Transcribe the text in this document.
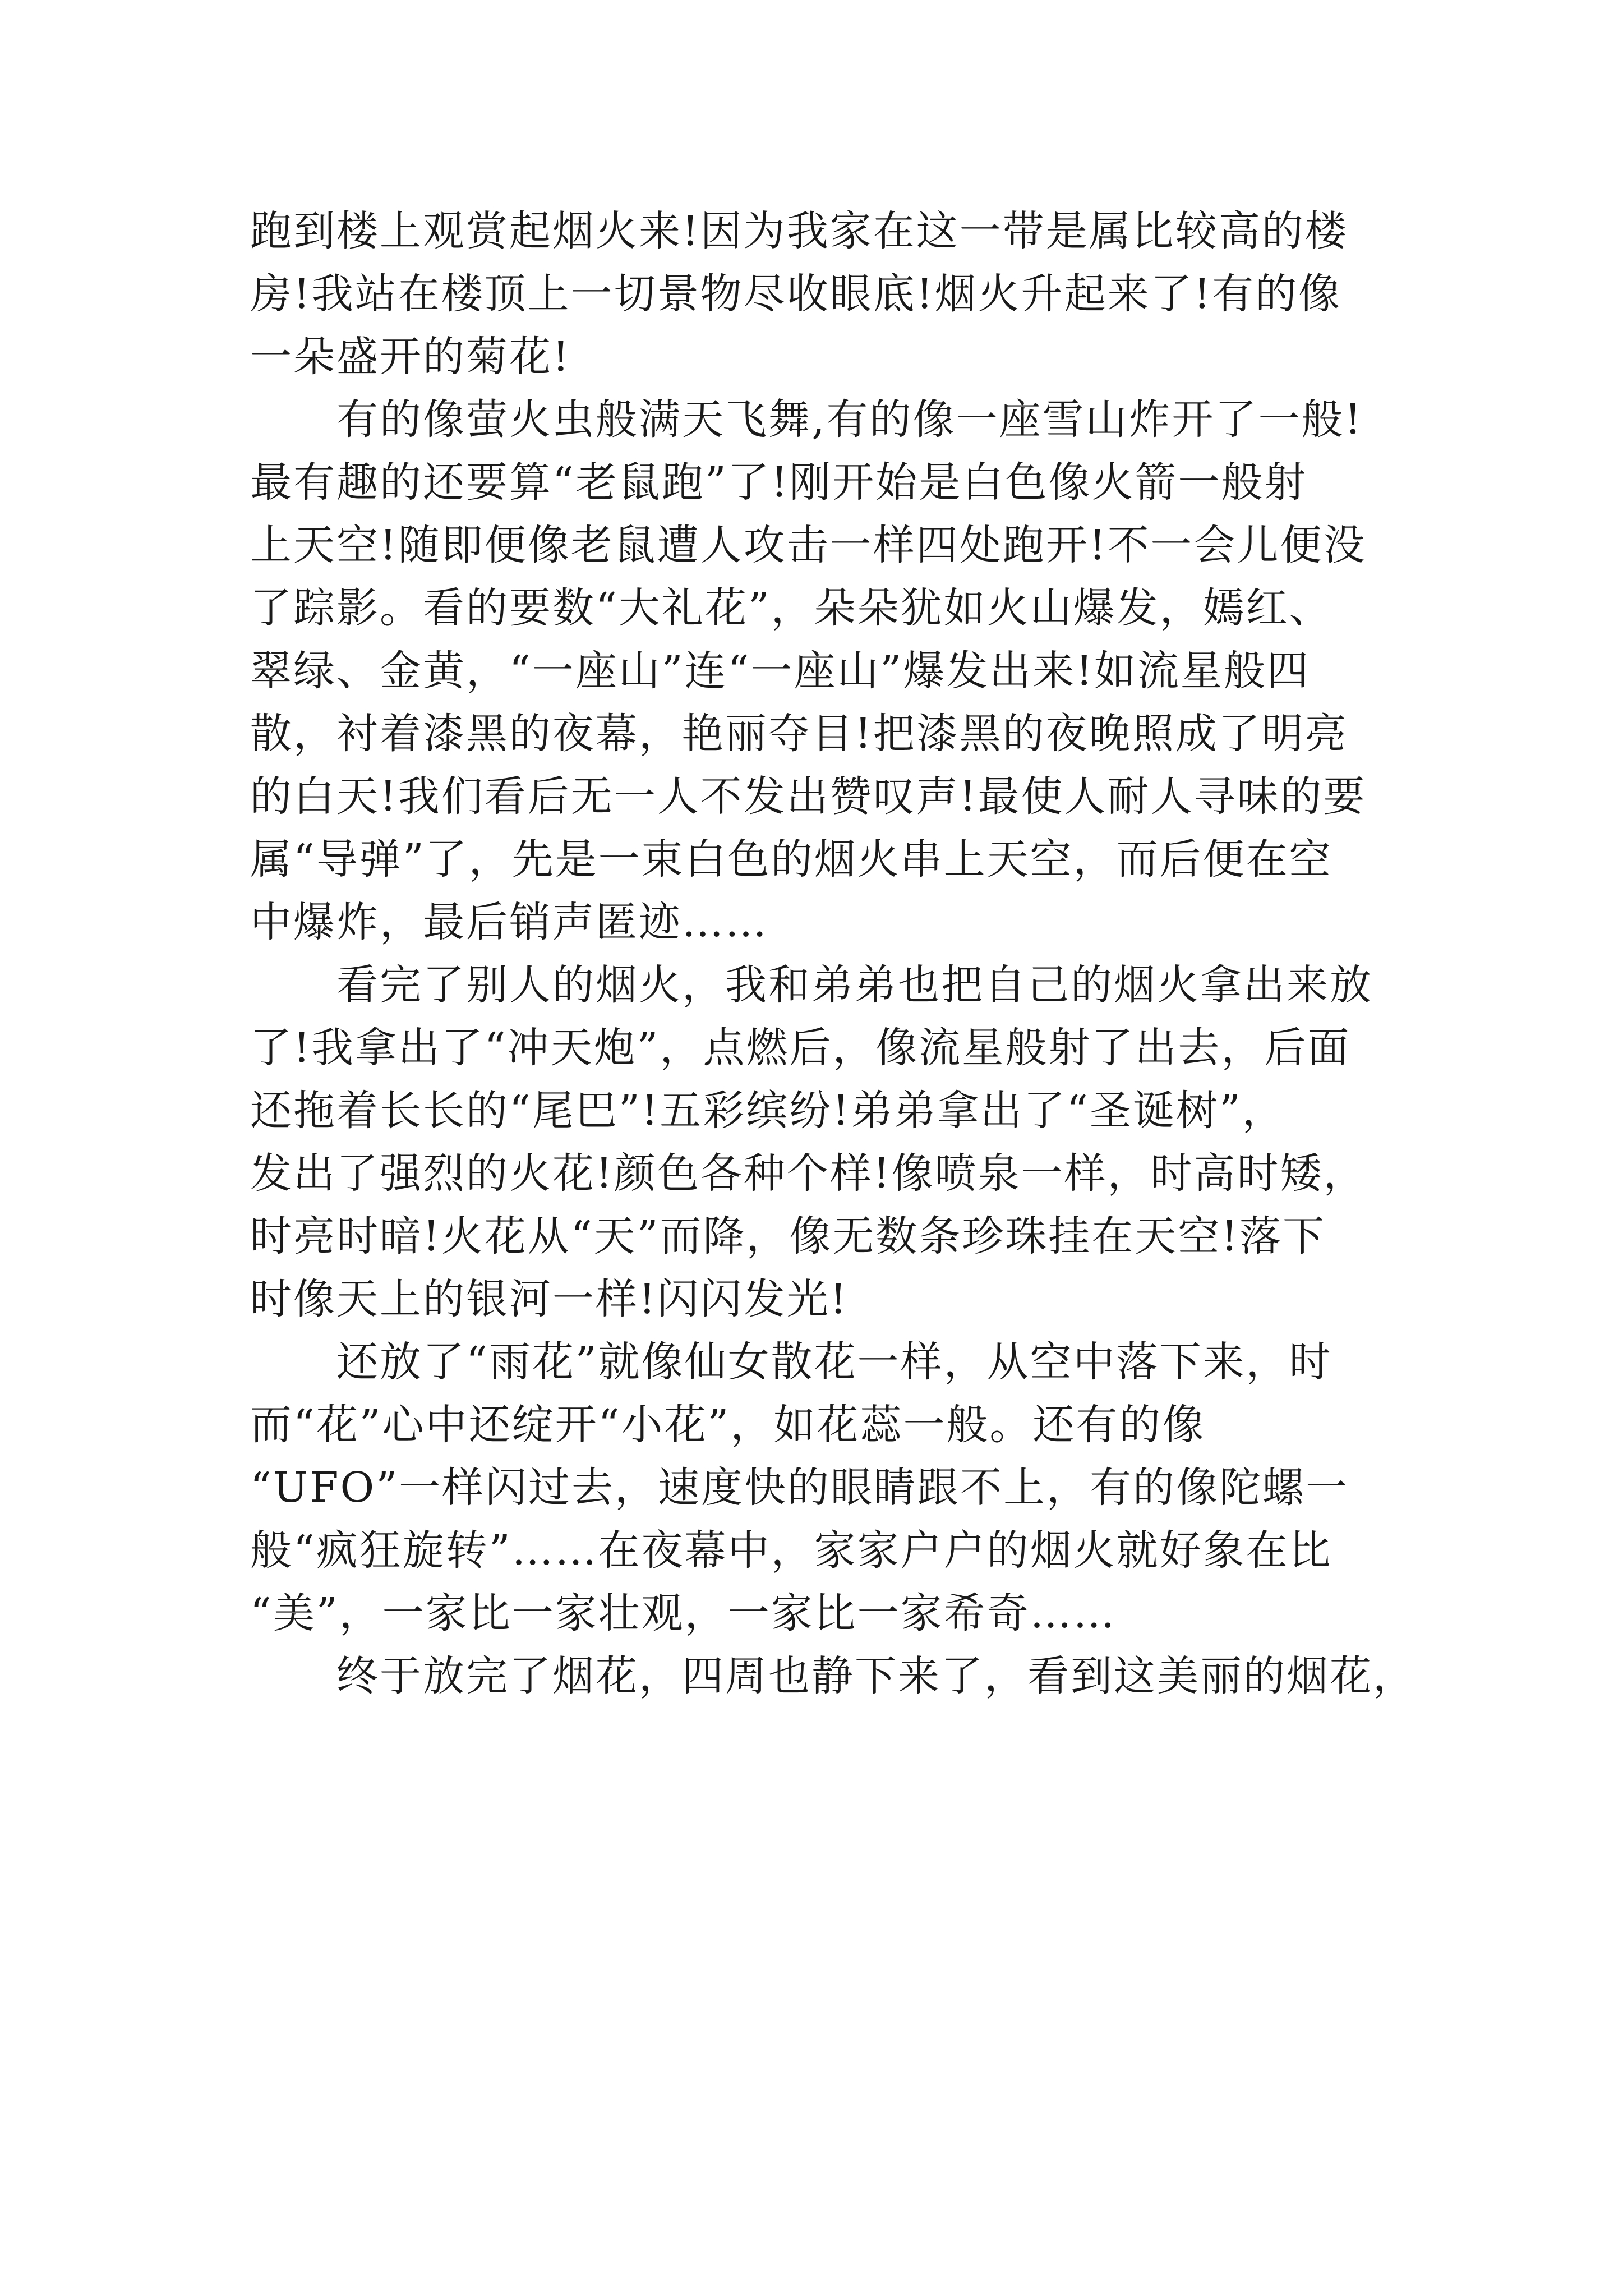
跑到楼上观赏起烟火来!因为我家在这一带是属比较高的楼
房!我站在楼顶上一切景物尽收眼底!烟火升起来了!有的像
一朵盛开的菊花!
　　有的像萤火虫般满天飞舞,有的像一座雪山炸开了一般!
最有趣的还要算“老鼠跑”了!刚开始是白色像火箭一般射
上天空!随即便像老鼠遭人攻击一样四处跑开!不一会儿便没
了踪影。看的要数“大礼花”，朵朵犹如火山爆发，嫣红、
翠绿、金黄，“一座山”连“一座山”爆发出来!如流星般四
散，衬着漆黑的夜幕，艳丽夺目!把漆黑的夜晚照成了明亮
的白天!我们看后无一人不发出赞叹声!最使人耐人寻味的要
属“导弹”了，先是一束白色的烟火串上天空，而后便在空
中爆炸，最后销声匿迹……
　　看完了别人的烟火，我和弟弟也把自己的烟火拿出来放
了!我拿出了“冲天炮”，点燃后，像流星般射了出去，后面
还拖着长长的“尾巴”!五彩缤纷!弟弟拿出了“圣诞树”，
发出了强烈的火花!颜色各种个样!像喷泉一样，时高时矮，
时亮时暗!火花从“天”而降，像无数条珍珠挂在天空!落下
时像天上的银河一样!闪闪发光!
　　还放了“雨花”就像仙女散花一样，从空中落下来，时
而“花”心中还绽开“小花”，如花蕊一般。还有的像
“UFO”一样闪过去，速度快的眼睛跟不上，有的像陀螺一
般“疯狂旋转”……在夜幕中，家家户户的烟火就好象在比
“美”，一家比一家壮观，一家比一家希奇……
　　终于放完了烟花，四周也静下来了，看到这美丽的烟花，
